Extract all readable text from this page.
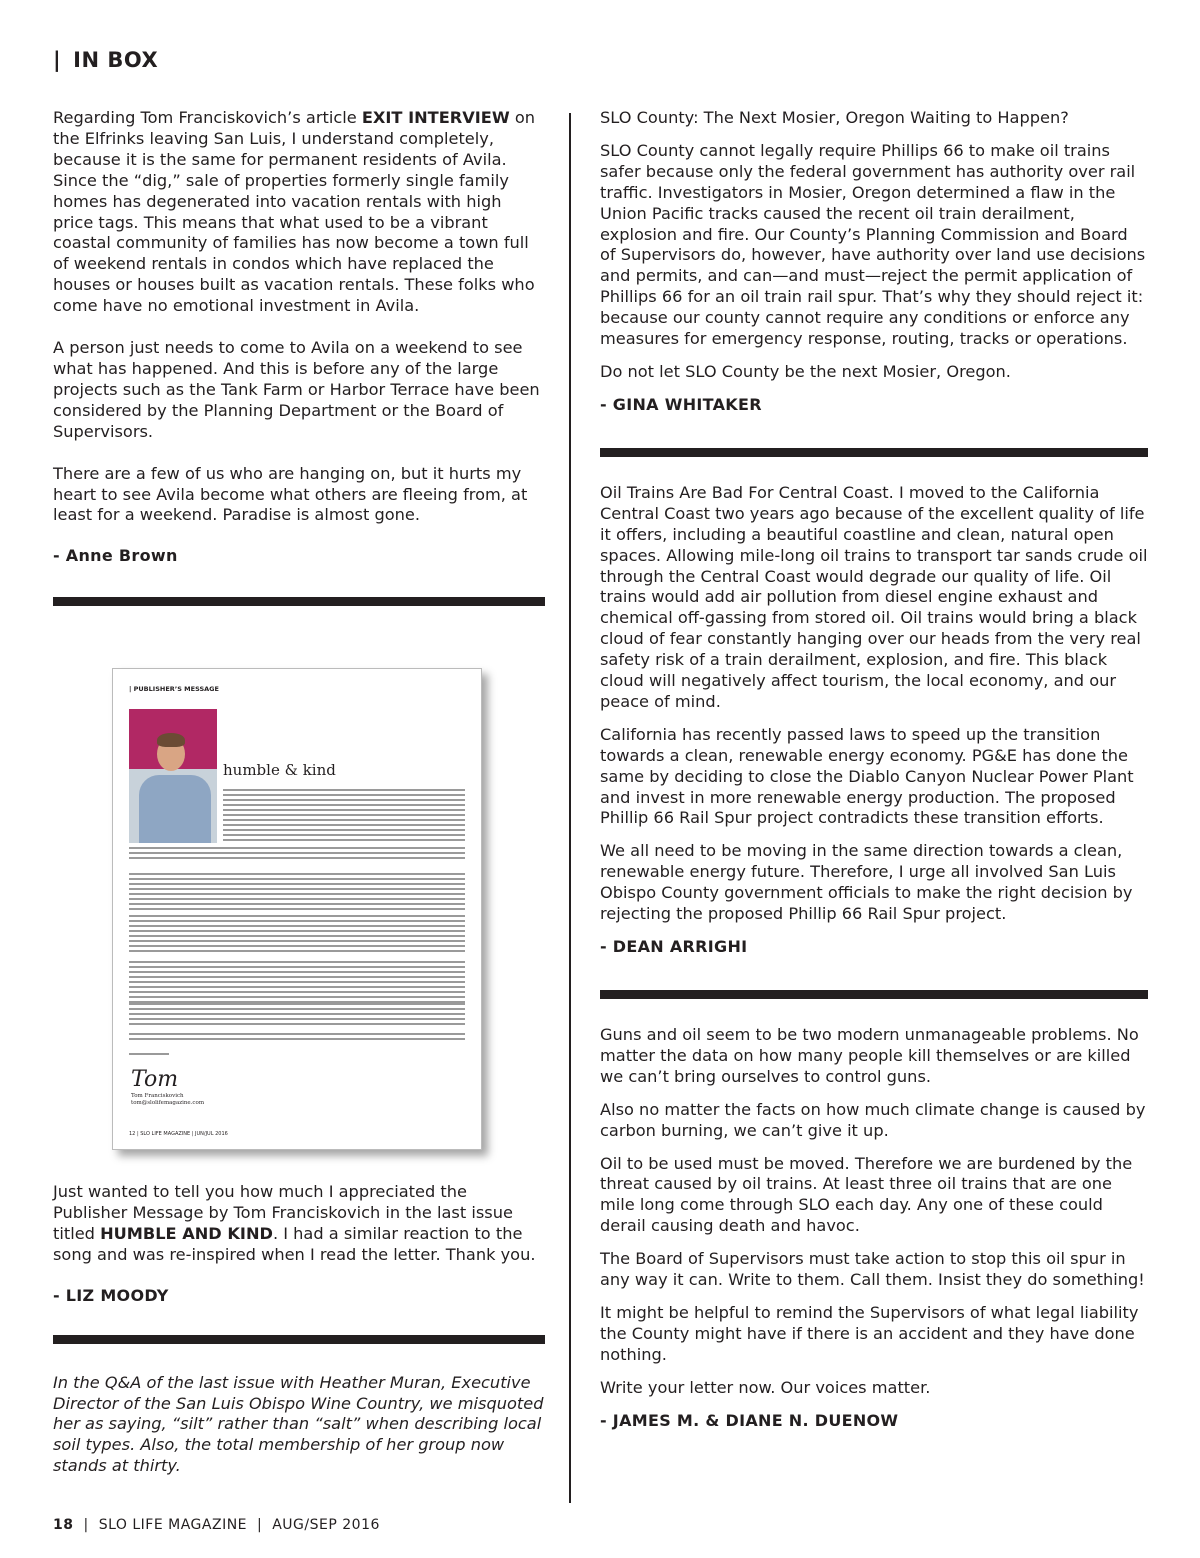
| IN BOX

Regarding Tom Franciskovich’s article EXIT INTERVIEW on the Elfrinks leaving San Luis, I understand completely, because it is the same for permanent residents of Avila. Since the “dig,” sale of properties formerly single family homes has degenerated into vacation rentals with high price tags. This means that what used to be a vibrant coastal community of families has now become a town full of weekend rentals in condos which have replaced the houses or houses built as vacation rentals. These folks who come have no emotional investment in Avila.

A person just needs to come to Avila on a weekend to see what has happened. And this is before any of the large projects such as the Tank Farm or Harbor Terrace have been considered by the Planning Department or the Board of Supervisors.

There are a few of us who are hanging on, but it hurts my heart to see Avila become what others are fleeing from, at least for a weekend. Paradise is almost gone.

- Anne Brown

| PUBLISHER’S MESSAGE
humble & kind
Tom
Tom Franciskovich
tom@slolifemagazine.com
12 | SLO LIFE MAGAZINE | JUN/JUL 2016

Just wanted to tell you how much I appreciated the Publisher Message by Tom Franciskovich in the last issue titled HUMBLE AND KIND. I had a similar reaction to the song and was re-inspired when I read the letter. Thank you.

- LIZ MOODY

In the Q&A of the last issue with Heather Muran, Executive Director of the San Luis Obispo Wine Country, we misquoted her as saying, “silt” rather than “salt” when describing local soil types. Also, the total membership of her group now stands at thirty.

SLO County: The Next Mosier, Oregon Waiting to Happen?

SLO County cannot legally require Phillips 66 to make oil trains safer because only the federal government has authority over rail traffic. Investigators in Mosier, Oregon determined a flaw in the Union Pacific tracks caused the recent oil train derailment, explosion and fire. Our County’s Planning Commission and Board of Supervisors do, however, have authority over land use decisions and permits, and can—and must—reject the permit application of Phillips 66 for an oil train rail spur. That’s why they should reject it: because our county cannot require any conditions or enforce any measures for emergency response, routing, tracks or operations.

Do not let SLO County be the next Mosier, Oregon.

- GINA WHITAKER

Oil Trains Are Bad For Central Coast. I moved to the California Central Coast two years ago because of the excellent quality of life it offers, including a beautiful coastline and clean, natural open spaces. Allowing mile-long oil trains to transport tar sands crude oil through the Central Coast would degrade our quality of life. Oil trains would add air pollution from diesel engine exhaust and chemical off-gassing from stored oil. Oil trains would bring a black cloud of fear constantly hanging over our heads from the very real safety risk of a train derailment, explosion, and fire. This black cloud will negatively affect tourism, the local economy, and our peace of mind.

California has recently passed laws to speed up the transition towards a clean, renewable energy economy. PG&E has done the same by deciding to close the Diablo Canyon Nuclear Power Plant and invest in more renewable energy production. The proposed Phillip 66 Rail Spur project contradicts these transition efforts.

We all need to be moving in the same direction towards a clean, renewable energy future. Therefore, I urge all involved San Luis Obispo County government officials to make the right decision by rejecting the proposed Phillip 66 Rail Spur project.

- DEAN ARRIGHI

Guns and oil seem to be two modern unmanageable problems. No matter the data on how many people kill themselves or are killed we can’t bring ourselves to control guns.

Also no matter the facts on how much climate change is caused by carbon burning, we can’t give it up.

Oil to be used must be moved. Therefore we are burdened by the threat caused by oil trains. At least three oil trains that are one mile long come through SLO each day. Any one of these could derail causing death and havoc.

The Board of Supervisors must take action to stop this oil spur in any way it can. Write to them. Call them. Insist they do something!

It might be helpful to remind the Supervisors of what legal liability the County might have if there is an accident and they have done nothing.

Write your letter now. Our voices matter.

- JAMES M. & DIANE N. DUENOW

18 | SLO LIFE MAGAZINE | AUG/SEP 2016
